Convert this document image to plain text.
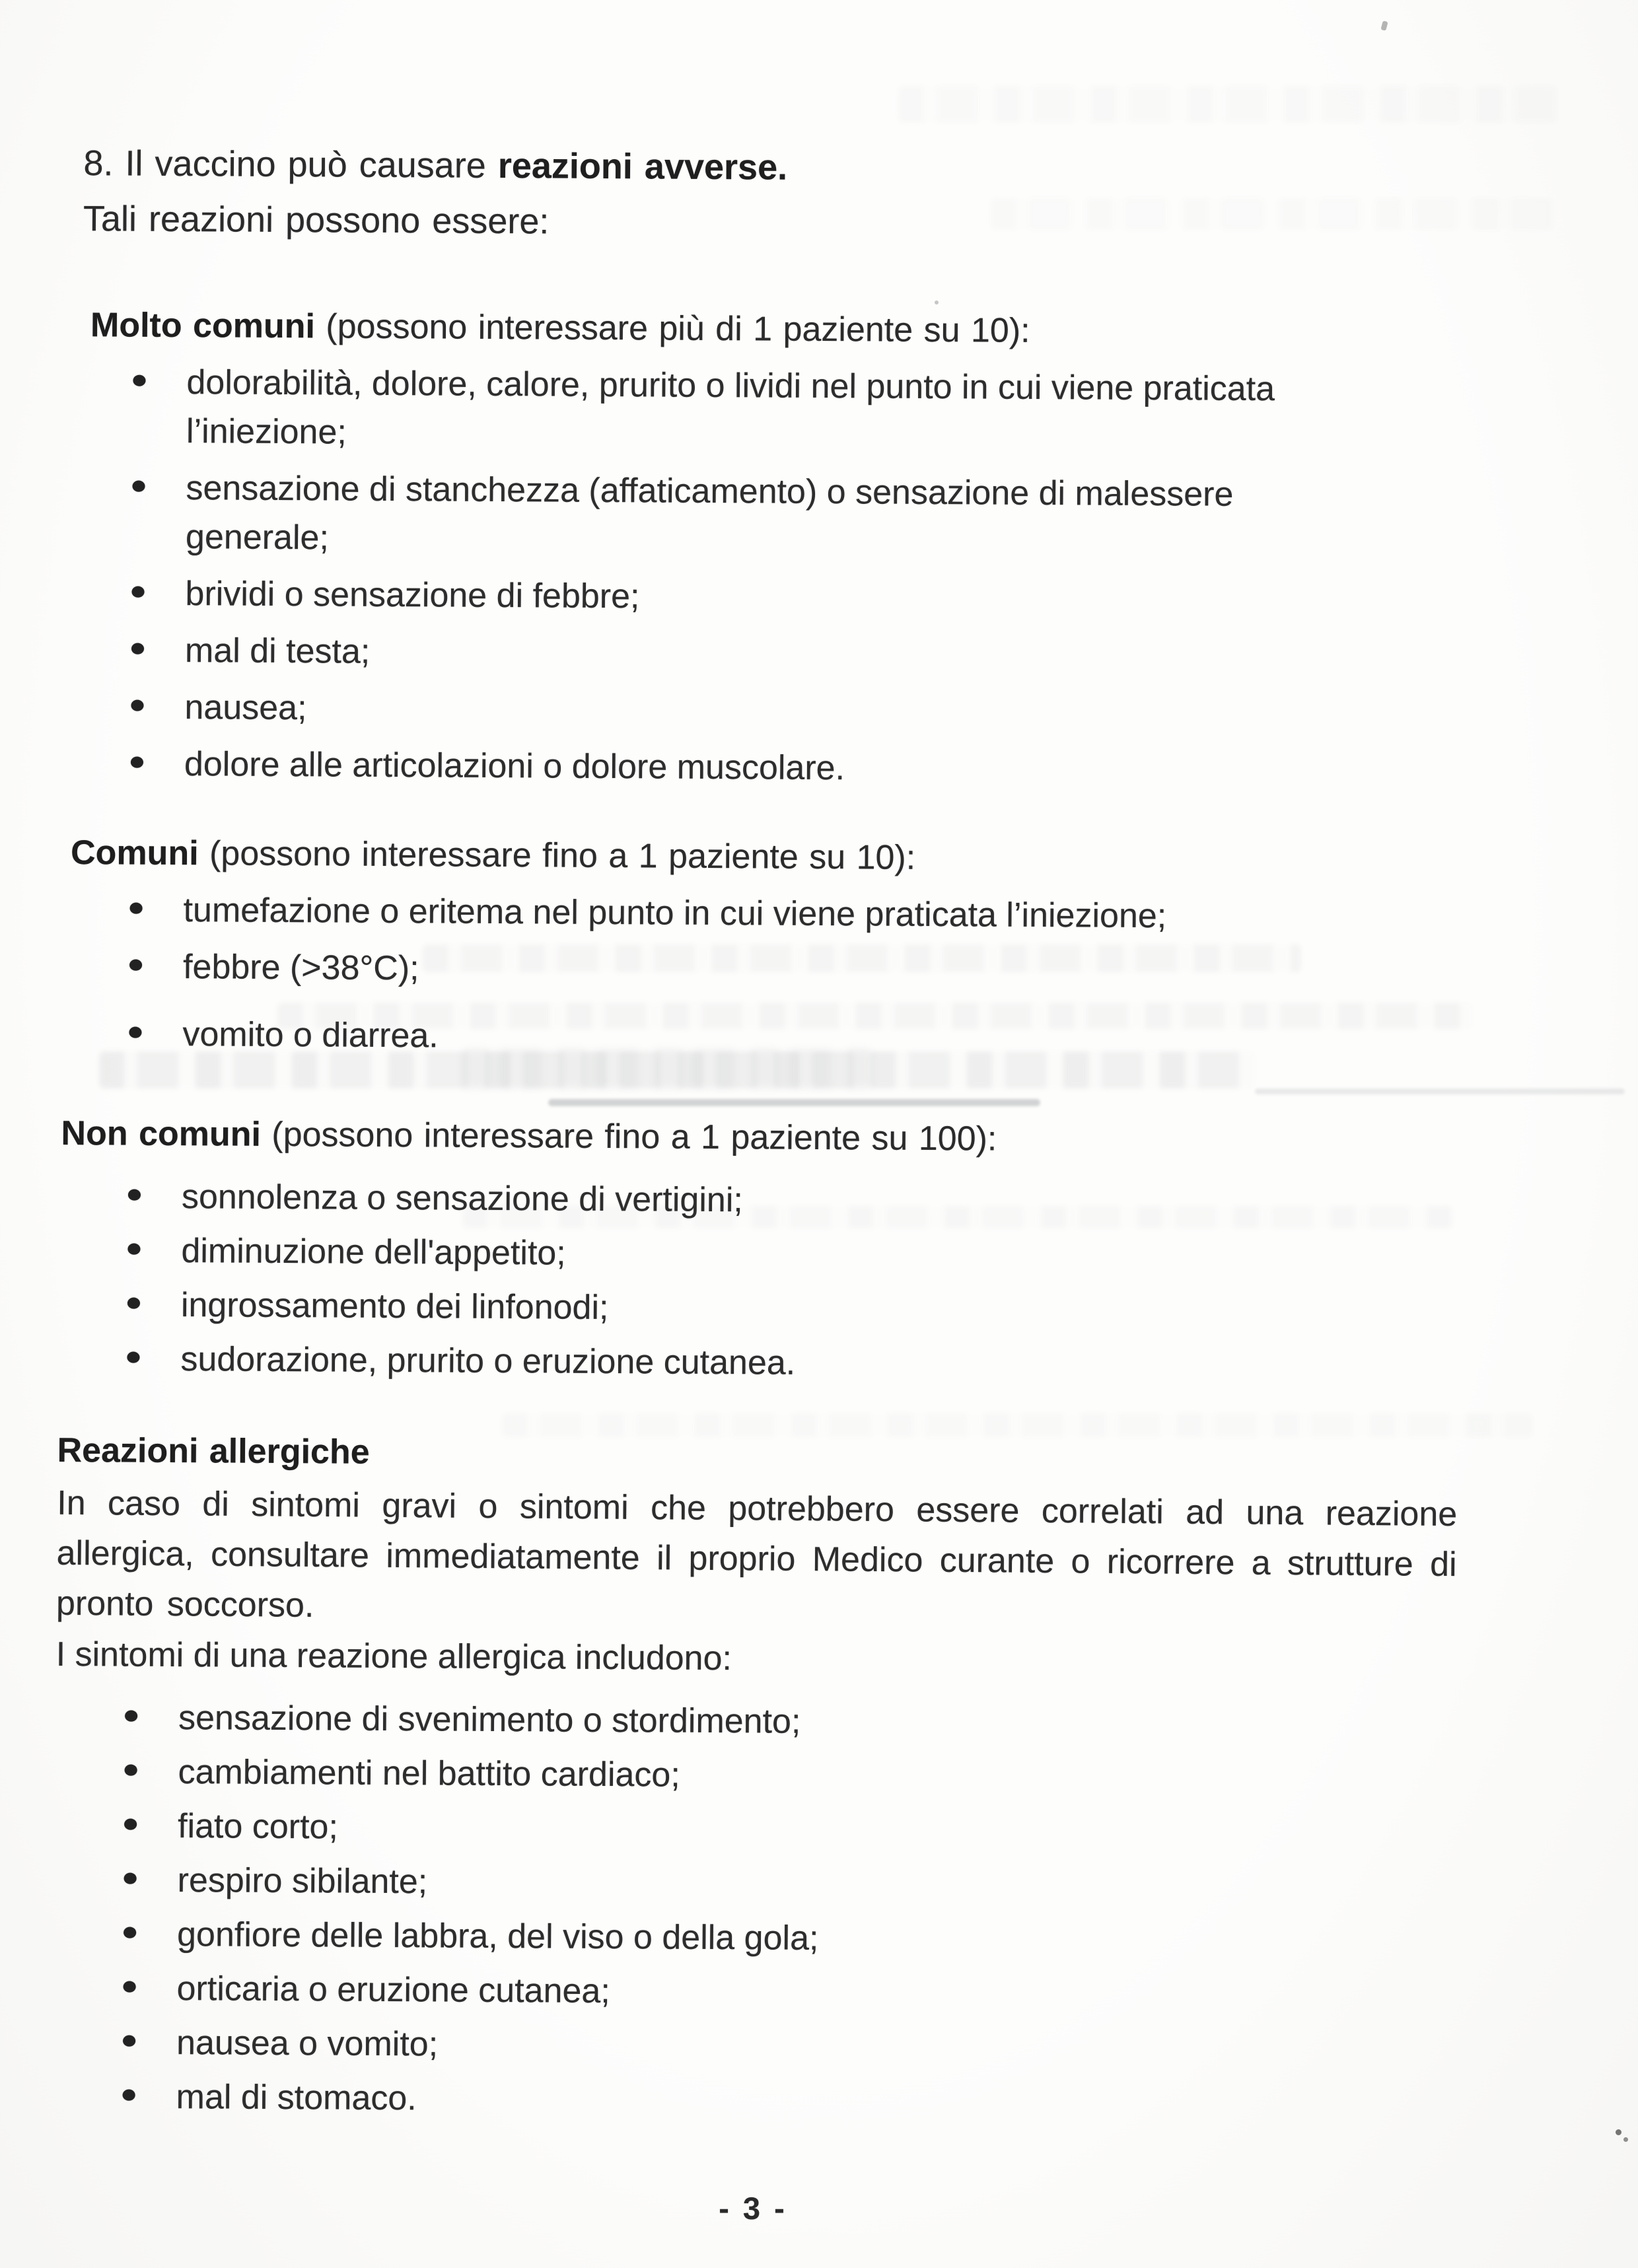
8. Il vaccino può causare reazioni avverse.
Tali reazioni possono essere:

Molto comuni (possono interessare più di 1 paziente su 10):

dolorabilità, dolore, calore, prurito o lividi nel punto in cui viene praticata l’iniezione;
sensazione di stanchezza (affaticamento) o sensazione di malessere generale;
brividi o sensazione di febbre;
mal di testa;
nausea;
dolore alle articolazioni o dolore muscolare.

Comuni (possono interessare fino a 1 paziente su 10):

tumefazione o eritema nel punto in cui viene praticata l’iniezione;
febbre (>38°C);
vomito o diarrea.

Non comuni (possono interessare fino a 1 paziente su 100):

sonnolenza o sensazione di vertigini;
diminuzione dell'appetito;
ingrossamento dei linfonodi;
sudorazione, prurito o eruzione cutanea.

Reazioni allergiche

In caso di sintomi gravi o sintomi che potrebbero essere correlati ad una reazione allergica, consultare immediatamente il proprio Medico curante o ricorrere a strutture di pronto soccorso.

I sintomi di una reazione allergica includono:

sensazione di svenimento o stordimento;
cambiamenti nel battito cardiaco;
fiato corto;
respiro sibilante;
gonfiore delle labbra, del viso o della gola;
orticaria o eruzione cutanea;
nausea o vomito;
mal di stomaco.
- 3 -
